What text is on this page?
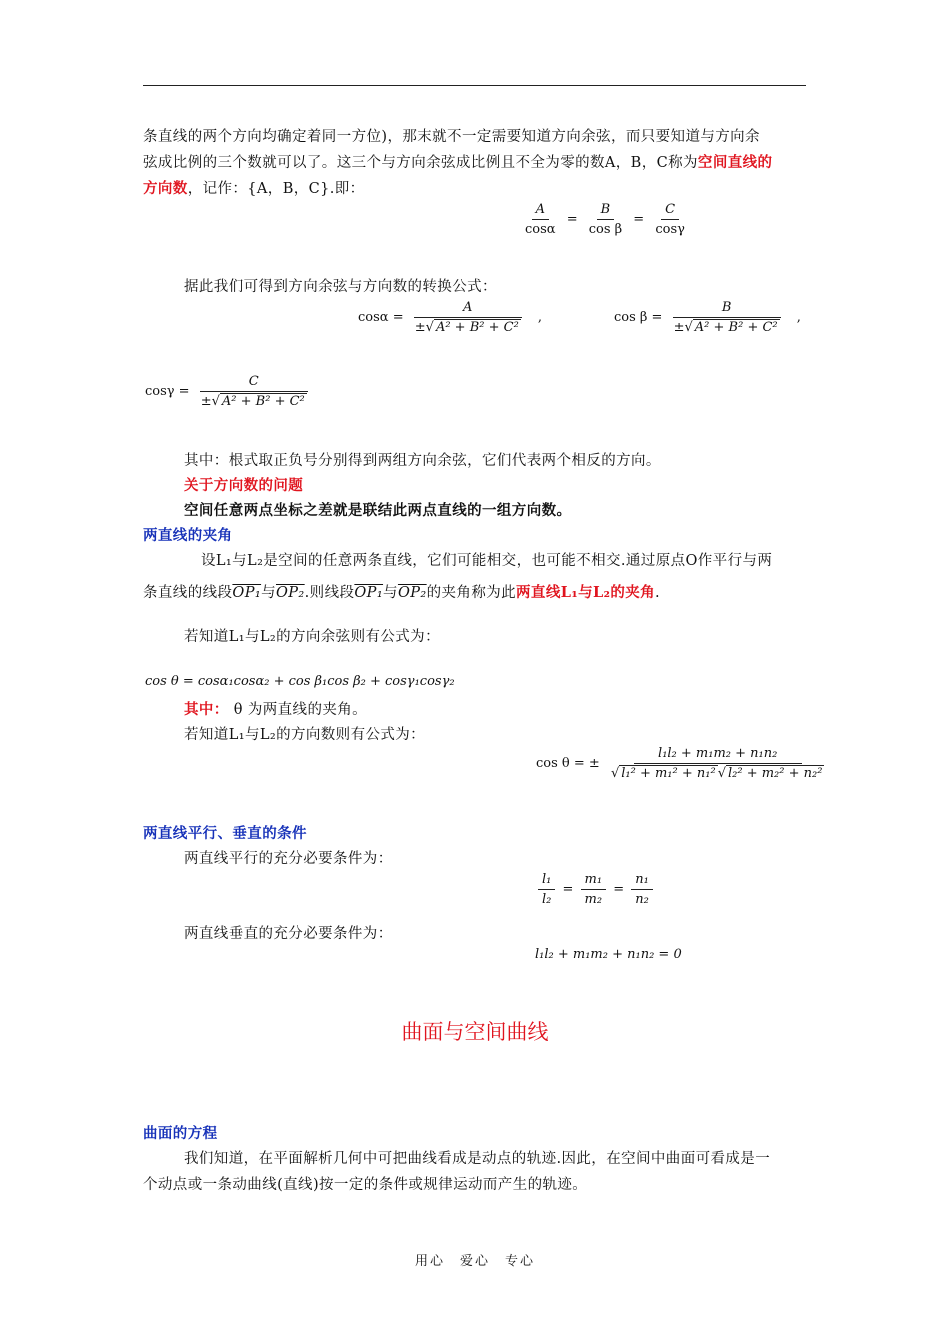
条直线的两个方向均确定着同一方位)，那末就不一定需要知道方向余弦，而只要知道与方向余
弦成比例的三个数就可以了。这三个与方向余弦成比例且不全为零的数A，B，C称为空间直线的
方向数，记作：{A，B，C}.即：
$\frac{A}{\cos\alpha} = \frac{B}{\text{cos β}} = \frac{C}{\cos\gamma}$
据此我们可得到方向余弦与方向数的转换公式：
$\cos\alpha = \frac{A}{\text{±√ A² + B² + C²}}$ ,	$\cos \beta = \frac{B}{\text{±√ A² + B² + C²}}$ ,
$\cos\gamma = \frac{C}{\text{±√ A² + B² + C²}}$
其中：根式取正负号分别得到两组方向余弦，它们代表两个相反的方向。
关于方向数的问题
空间任意两点坐标之差就是联结此两点直线的一组方向数。
两直线的夹角
设L₁与L₂是空间的任意两条直线，它们可能相交，也可能不相交.通过原点O作平行与两
条直线的线段OP₁与OP₂.则线段OP₁与OP₂的夹角称为此两直线L₁与L₂的夹角.
若知道L₁与L₂的方向余弦则有公式为：
cos θ = cosα₁cosα₂ + cos β₁cos β₂ + cosγ₁cosγ₂
其中： θ 为两直线的夹角。
若知道L₁与L₂的方向数则有公式为：
cos θ = ± $\frac{\text{l₁l₂ + m₁m₂ + n₁n₂}}{\text{√ l₁² + m₁² + n₁² √ l₂² + m₂² + n₂²}}$
两直线平行、垂直的条件
两直线平行的充分必要条件为：
$\frac{\text{l₁}}{\text{l₂}} = \frac{\text{m₁}}{\text{m₂}} = \frac{\text{n₁}}{\text{n₂}}$
两直线垂直的充分必要条件为：
l₁l₂ + m₁m₂ + n₁n₂ = 0
曲面与空间曲线
曲面的方程
我们知道，在平面解析几何中可把曲线看成是动点的轨迹.因此，在空间中曲面可看成是一
个动点或一条动曲线(直线)按一定的条件或规律运动而产生的轨迹。
用心　爱心　专心
